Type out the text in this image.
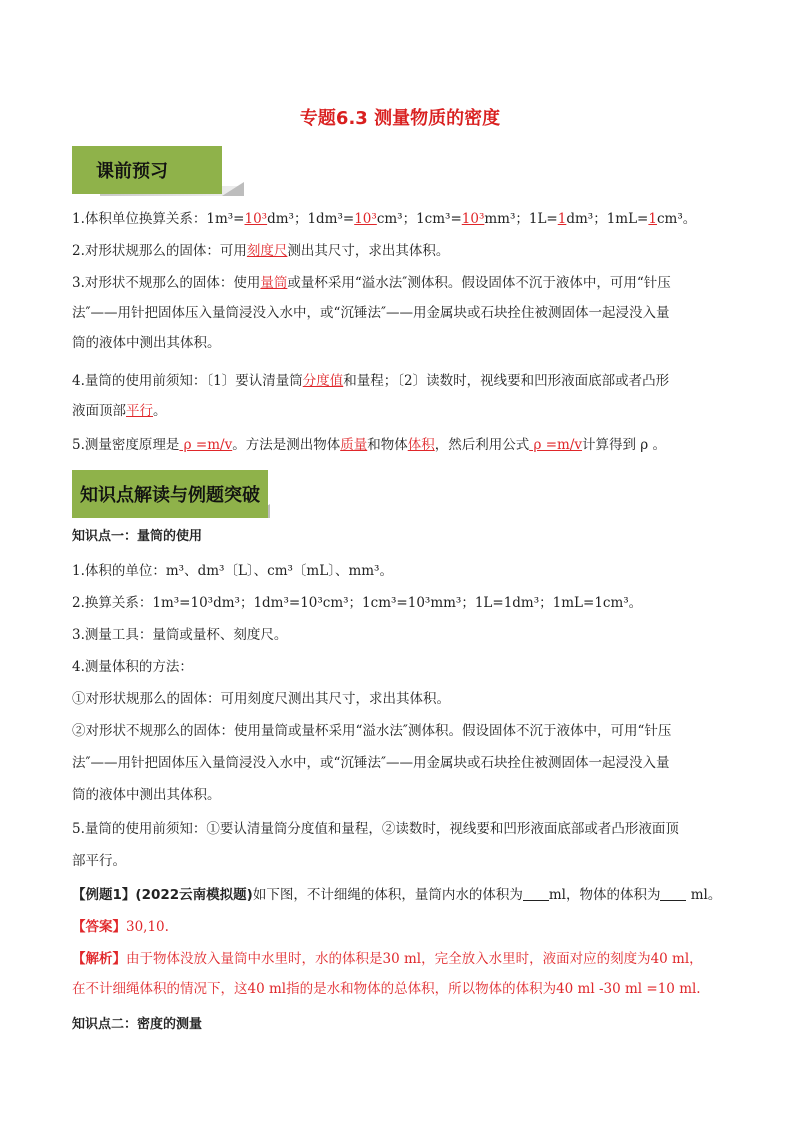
专题6.3 测量物质的密度
课前预习

1.体积单位换算关系：1m³=10³dm³；1dm³=10³cm³；1cm³=10³mm³；1L=1dm³；1mL=1cm³。

2.对形状规那么的固体：可用刻度尺测出其尺寸，求出其体积。

3.对形状不规那么的固体：使用量筒或量杯采用“溢水法″测体积。假设固体不沉于液体中，可用“针压
法″——用针把固体压入量筒浸没入水中，或“沉锤法″——用金属块或石块拴住被测固体一起浸没入量
筒的液体中测出其体积。

4.量筒的使用前须知：〔1〕要认清量筒分度值和量程；〔2〕读数时，视线要和凹形液面底部或者凸形
液面顶部平行。

5.测量密度原理是 ρ =m/v。方法是测出物体质量和物体体积，然后利用公式 ρ =m/v计算得到 ρ 。

知识点解读与例题突破

知识点一：量筒的使用

1.体积的单位：m³、dm³〔L〕、cm³〔mL〕、mm³。

2.换算关系：1m³=10³dm³；1dm³=10³cm³；1cm³=10³mm³；1L=1dm³；1mL=1cm³。

3.测量工具：量筒或量杯、刻度尺。

4.测量体积的方法：

①对形状规那么的固体：可用刻度尺测出其尺寸，求出其体积。

②对形状不规那么的固体：使用量筒或量杯采用“溢水法″测体积。假设固体不沉于液体中，可用“针压

法″——用针把固体压入量筒浸没入水中，或“沉锤法″——用金属块或石块拴住被测固体一起浸没入量

筒的液体中测出其体积。

5.量筒的使用前须知：①要认清量筒分度值和量程，②读数时，视线要和凹形液面底部或者凸形液面顶

部平行。

【例题1】(2022云南模拟题)如下图，不计细绳的体积，量筒内水的体积为 ml，物体的体积为 ml。

【答案】30,10.

【解析】由于物体没放入量筒中水里时，水的体积是30 ml，完全放入水里时，液面对应的刻度为40 ml，
在不计细绳体积的情况下，这40 ml指的是水和物体的总体积，所以物体的体积为40 ml -30 ml =10 ml.

知识点二：密度的测量
